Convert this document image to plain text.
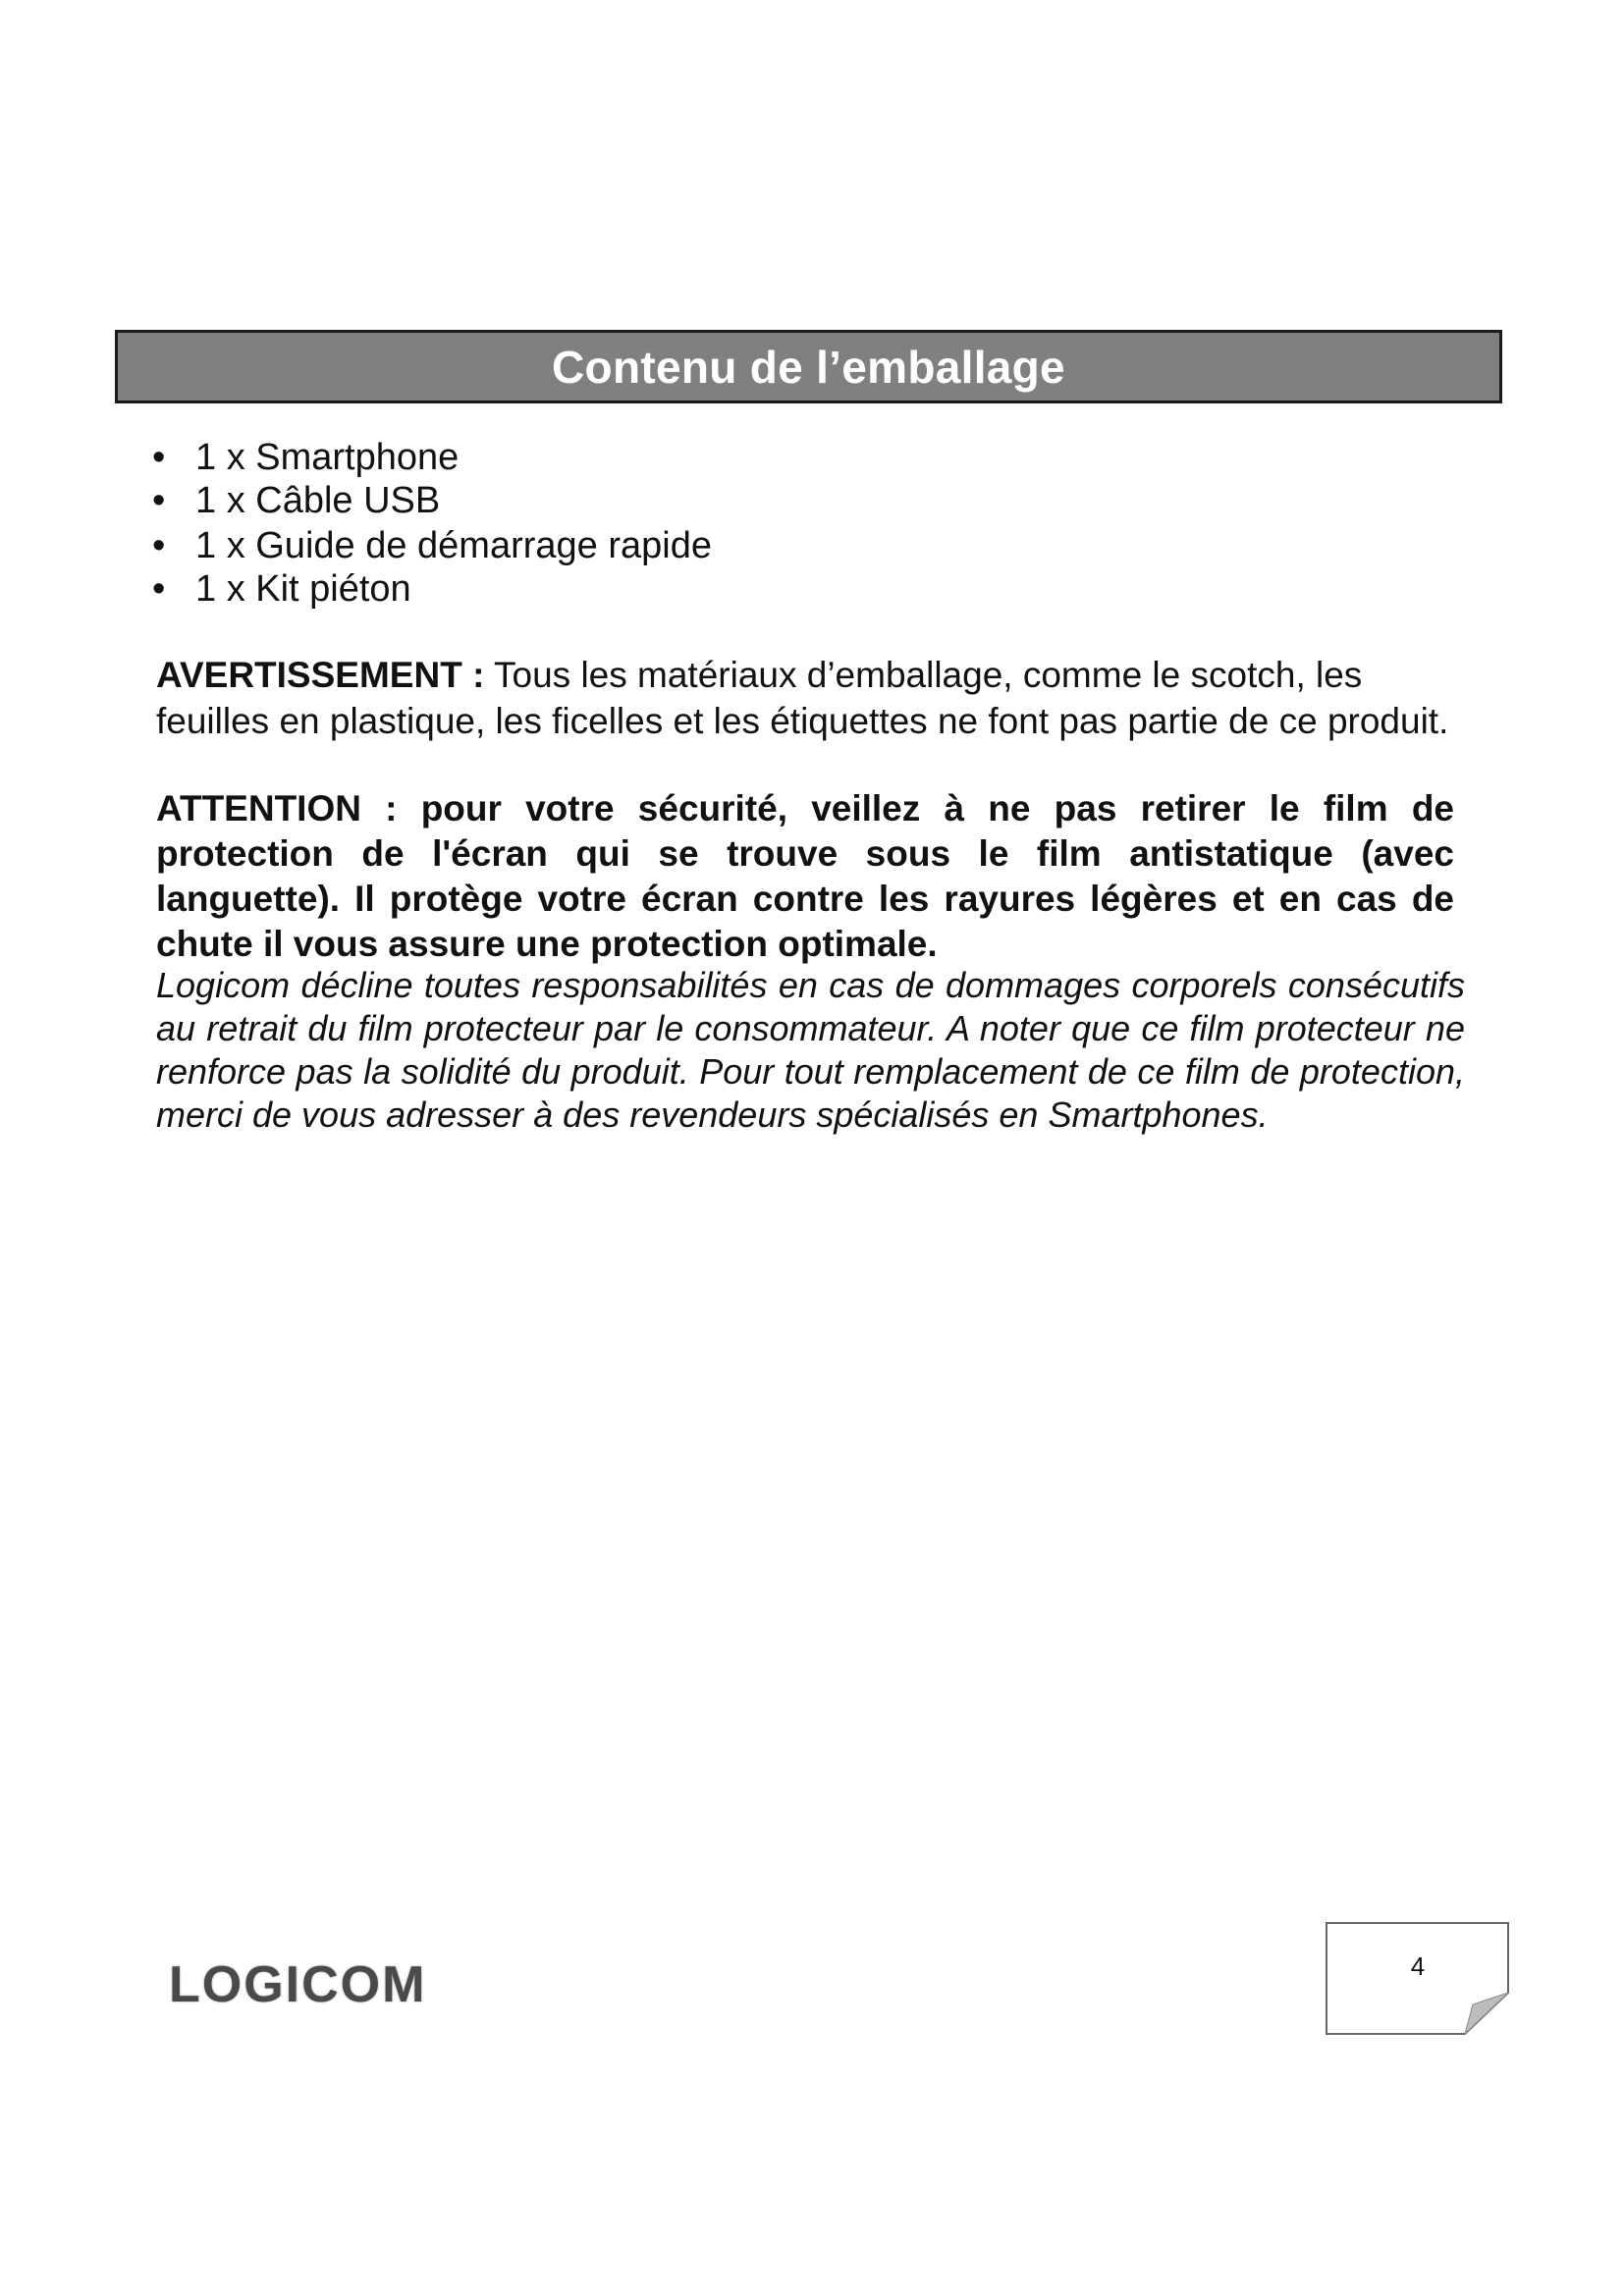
Contenu de l’emballage
• 1 x Smartphone
• 1 x Câble USB
• 1 x Guide de démarrage rapide
• 1 x Kit piéton

AVERTISSEMENT : Tous les matériaux d’emballage, comme le scotch, les feuilles en plastique, les ficelles et les étiquettes ne font pas partie de ce produit.

ATTENTION : pour votre sécurité, veillez à ne pas retirer le film de protection de l'écran qui se trouve sous le film antistatique (avec languette). Il protège votre écran contre les rayures légères et en cas de chute il vous assure une protection optimale.

Logicom décline toutes responsabilités en cas de dommages corporels consécutifs au retrait du film protecteur par le consommateur. A noter que ce film protecteur ne renforce pas la solidité du produit. Pour tout remplacement de ce film de protection, merci de vous adresser à des revendeurs spécialisés en Smartphones.

LOGICOM	4
